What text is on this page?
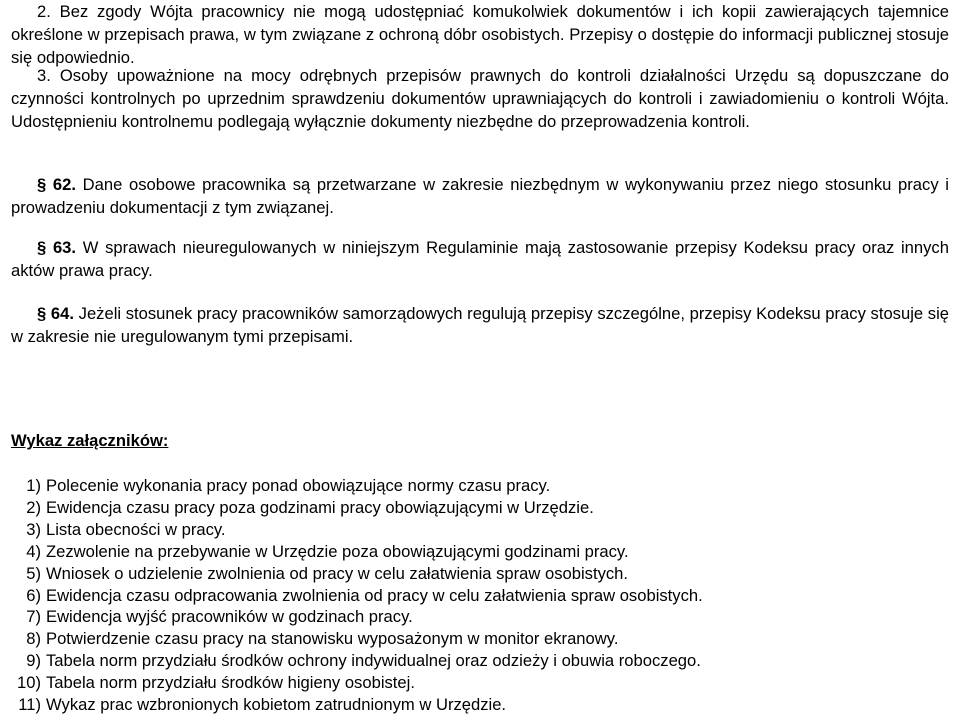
2. Bez zgody Wójta pracownicy nie mogą udostępniać komukolwiek dokumentów i ich kopii zawierających tajemnice określone w przepisach prawa, w tym związane z ochroną dóbr osobistych. Przepisy o dostępie do informacji publicznej stosuje się odpowiednio.

3. Osoby upoważnione na mocy odrębnych przepisów prawnych do kontroli działalności Urzędu są dopuszczane do czynności kontrolnych po uprzednim sprawdzeniu dokumentów uprawniających do kontroli i zawiadomieniu o kontroli Wójta. Udostępnieniu kontrolnemu podlegają wyłącznie dokumenty niezbędne do przeprowadzenia kontroli.

§ 62. Dane osobowe pracownika są przetwarzane w zakresie niezbędnym w wykonywaniu przez niego stosunku pracy i prowadzeniu dokumentacji z tym związanej.

§ 63. W sprawach nieuregulowanych w niniejszym Regulaminie mają zastosowanie przepisy Kodeksu pracy oraz innych aktów prawa pracy.

§ 64. Jeżeli stosunek pracy pracowników samorządowych regulują przepisy szczególne, przepisy Kodeksu pracy stosuje się w zakresie nie uregulowanym tymi przepisami.

Wykaz załączników:

1) Polecenie wykonania pracy ponad obowiązujące normy czasu pracy.
2) Ewidencja czasu pracy poza godzinami pracy obowiązującymi w Urzędzie.
3) Lista obecności w pracy.
4) Zezwolenie na przebywanie w Urzędzie poza obowiązującymi godzinami pracy.
5) Wniosek o udzielenie zwolnienia od pracy w celu załatwienia spraw osobistych.
6) Ewidencja czasu odpracowania zwolnienia od pracy w celu załatwienia spraw osobistych.
7) Ewidencja wyjść pracowników w godzinach pracy.
8) Potwierdzenie czasu pracy na stanowisku wyposażonym w monitor ekranowy.
9) Tabela norm przydziału środków ochrony indywidualnej oraz odzieży i obuwia roboczego.
10) Tabela norm przydziału środków higieny osobistej.
11) Wykaz prac wzbronionych kobietom zatrudnionym w Urzędzie.
